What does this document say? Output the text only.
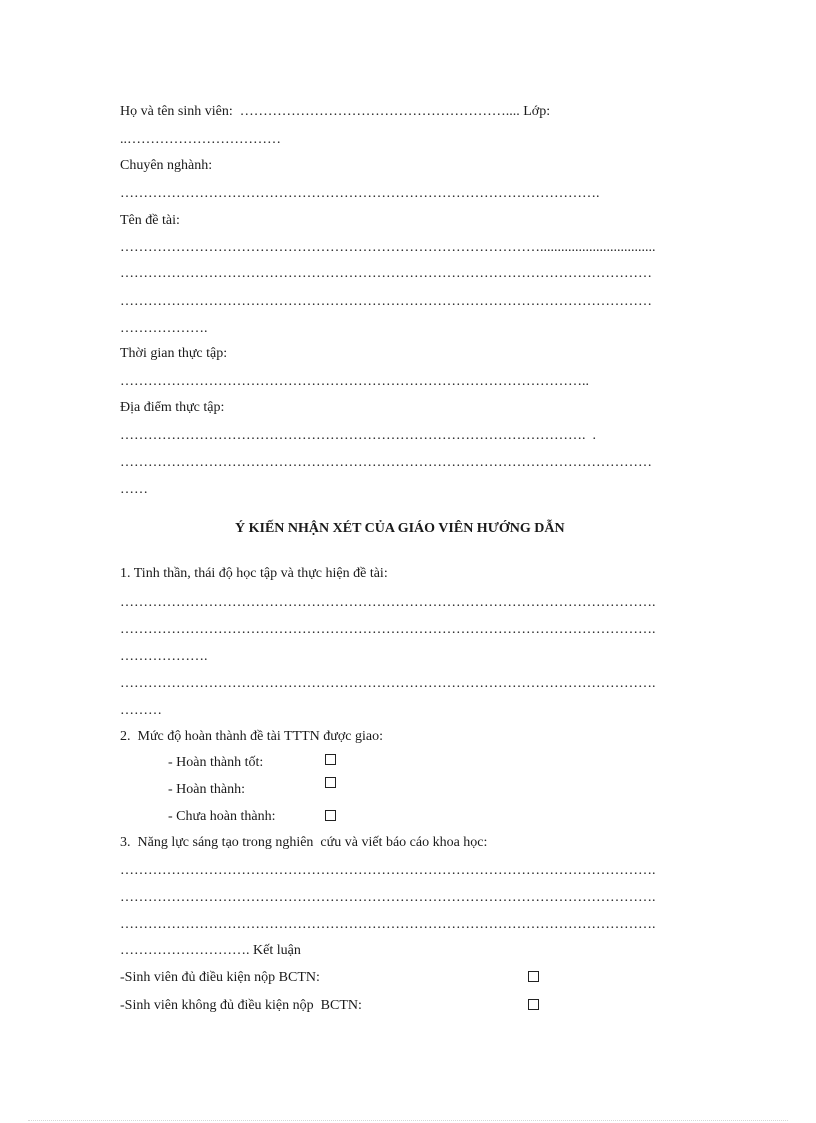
Họ và tên sinh viên:  ………………………………………………….... Lớp:
..……………………………
Chuyên nghành:
………………………………………………………………………………………….
Tên đề tài:
……………………………………………………………………………….................................
……………………………………………………………………………………………………
……………………………………………………………………………………………………
……………….
Thời gian thực tập:
………………………………………………………………………………………..
Địa điểm thực tập:
……………………………………………………………………………………….  .
……………………………………………………………………………………………………
……
Ý KIẾN NHẬN XÉT CỦA GIÁO VIÊN HƯỚNG DẪN
1. Tinh thần, thái độ học tập và thực hiện đề tài:
…………………………………………………………………………………………………….
…………………………………………………………………………………………………….
……………….
…………………………………………………………………………………………………….
………
2.  Mức độ hoàn thành đề tài TTTN được giao:
- Hoàn thành tốt:
- Hoàn thành:
- Chưa hoàn thành:
3.  Năng lực sáng tạo trong nghiên  cứu và viết báo cáo khoa học:
…………………………………………………………………………………………………….
…………………………………………………………………………………………………….
…………………………………………………………………………………………………….
………………………. Kết luận
-Sinh viên đủ điều kiện nộp BCTN:
-Sinh viên không đủ điều kiện nộp  BCTN:
